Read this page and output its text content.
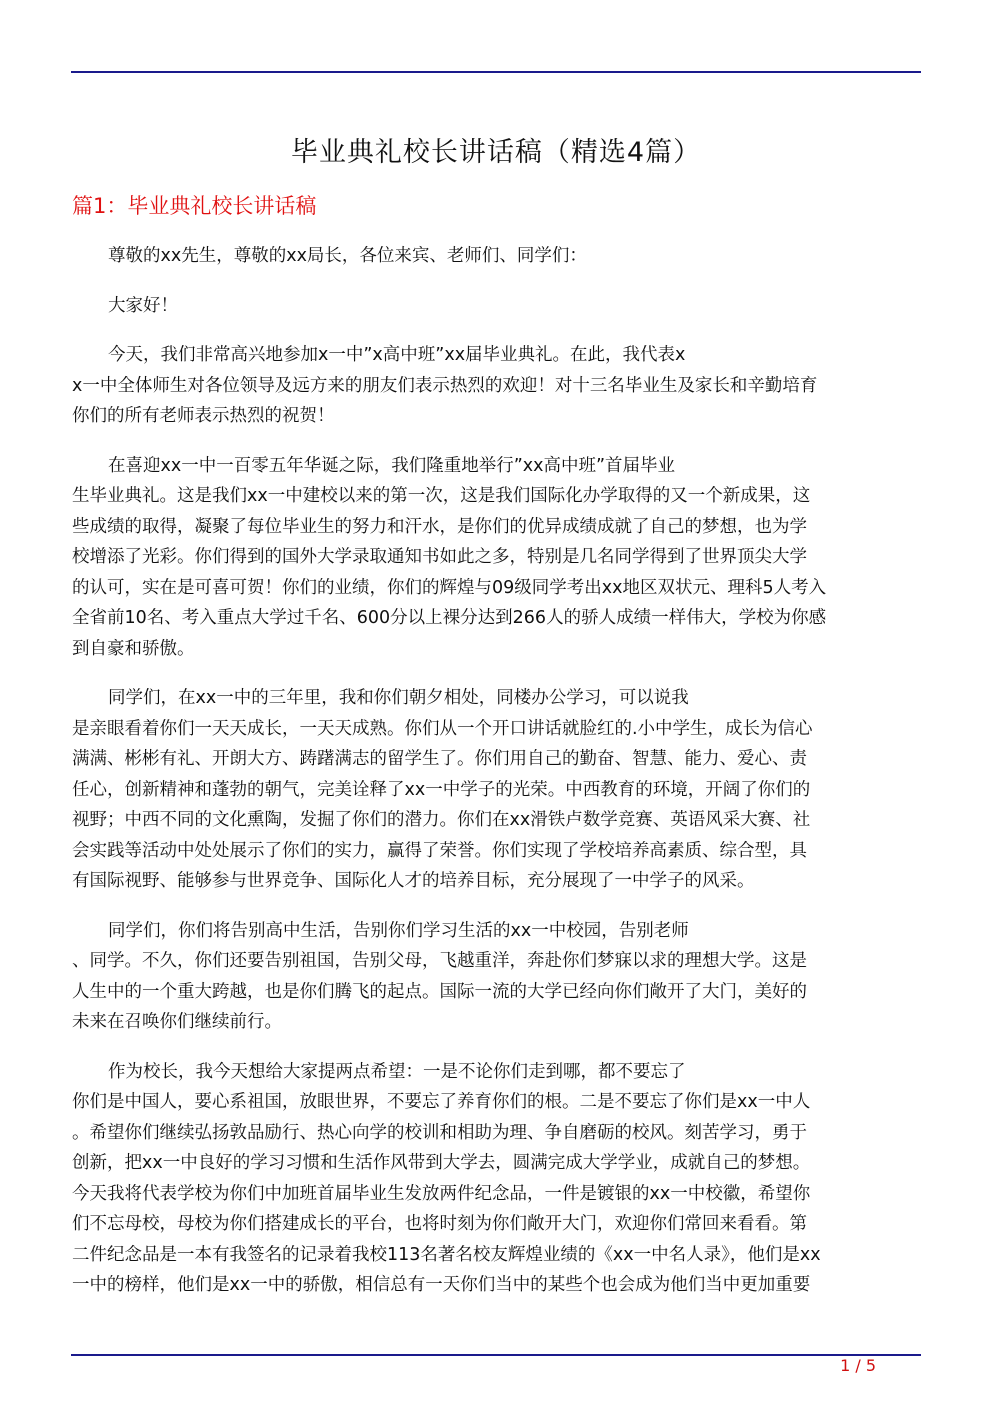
毕业典礼校长讲话稿（精选4篇）
篇1：毕业典礼校长讲话稿
尊敬的xx先生，尊敬的xx局长，各位来宾、老师们、同学们：
大家好！
今天，我们非常高兴地参加x一中”x高中班”xx届毕业典礼。在此，我代表x
x一中全体师生对各位领导及远方来的朋友们表示热烈的欢迎！对十三名毕业生及家长和辛勤培育
你们的所有老师表示热烈的祝贺！
在喜迎xx一中一百零五年华诞之际，我们隆重地举行”xx高中班”首届毕业
生毕业典礼。这是我们xx一中建校以来的第一次，这是我们国际化办学取得的又一个新成果，这
些成绩的取得，凝聚了每位毕业生的努力和汗水，是你们的优异成绩成就了自己的梦想，也为学
校增添了光彩。你们得到的国外大学录取通知书如此之多，特别是几名同学得到了世界顶尖大学
的认可，实在是可喜可贺！你们的业绩，你们的辉煌与09级同学考出xx地区双状元、理科5人考入
全省前10名、考入重点大学过千名、600分以上裸分达到266人的骄人成绩一样伟大，学校为你感
到自豪和骄傲。
同学们，在xx一中的三年里，我和你们朝夕相处，同楼办公学习，可以说我
是亲眼看着你们一天天成长，一天天成熟。你们从一个开口讲话就脸红的.小中学生，成长为信心
满满、彬彬有礼、开朗大方、踌躇满志的留学生了。你们用自己的勤奋、智慧、能力、爱心、责
任心，创新精神和蓬勃的朝气，完美诠释了xx一中学子的光荣。中西教育的环境，开阔了你们的
视野；中西不同的文化熏陶，发掘了你们的潜力。你们在xx滑铁卢数学竞赛、英语风采大赛、社
会实践等活动中处处展示了你们的实力，赢得了荣誉。你们实现了学校培养高素质、综合型，具
有国际视野、能够参与世界竞争、国际化人才的培养目标，充分展现了一中学子的风采。
同学们，你们将告别高中生活，告别你们学习生活的xx一中校园，告别老师
、同学。不久，你们还要告别祖国，告别父母，飞越重洋，奔赴你们梦寐以求的理想大学。这是
人生中的一个重大跨越，也是你们腾飞的起点。国际一流的大学已经向你们敞开了大门，美好的
未来在召唤你们继续前行。
作为校长，我今天想给大家提两点希望：一是不论你们走到哪，都不要忘了
你们是中国人，要心系祖国，放眼世界，不要忘了养育你们的根。二是不要忘了你们是xx一中人
。希望你们继续弘扬敦品励行、热心向学的校训和相助为理、争自磨砺的校风。刻苦学习，勇于
创新，把xx一中良好的学习习惯和生活作风带到大学去，圆满完成大学学业，成就自己的梦想。
今天我将代表学校为你们中加班首届毕业生发放两件纪念品，一件是镀银的xx一中校徽，希望你
们不忘母校，母校为你们搭建成长的平台，也将时刻为你们敞开大门，欢迎你们常回来看看。第
二件纪念品是一本有我签名的记录着我校113名著名校友辉煌业绩的《xx一中名人录》，他们是xx
一中的榜样，他们是xx一中的骄傲，相信总有一天你们当中的某些个也会成为他们当中更加重要
1 / 5
